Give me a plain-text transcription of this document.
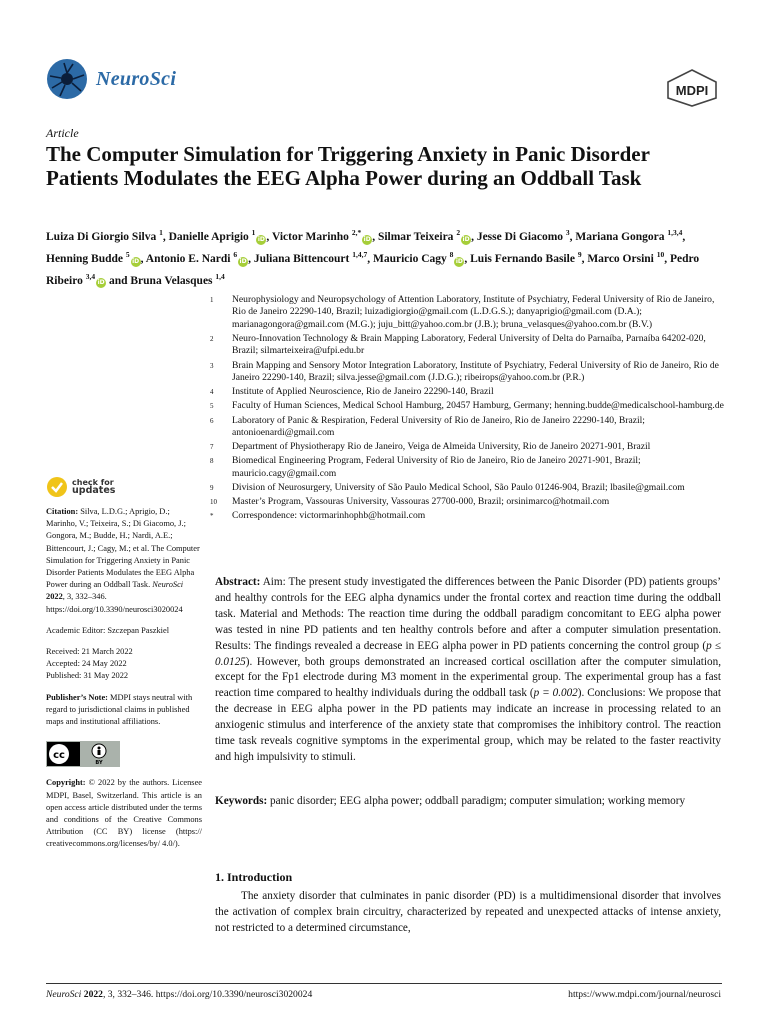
NeuroSci
MDPI
Article
The Computer Simulation for Triggering Anxiety in Panic Disorder Patients Modulates the EEG Alpha Power during an Oddball Task
Luiza Di Giorgio Silva $^1$, Danielle Aprigio $^1$iD, Victor Marinho $^{2,*}$iD, Silmar Teixeira $^2$iD, Jesse Di Giacomo $^3$, Mariana Gongora $^{1,3,4}$, Henning Budde $^5$iD, Antonio E. Nardi $^6$iD, Juliana Bittencourt $^{1,4,7}$, Mauricio Cagy $^8$iD, Luis Fernando Basile $^9$, Marco Orsini $^{10}$, Pedro Ribeiro $^{3,4}$iD and Bruna Velasques $^{1,4}$
1	Neurophysiology and Neuropsychology of Attention Laboratory, Institute of Psychiatry, Federal University of Rio de Janeiro, Rio de Janeiro 22290-140, Brazil; luizadigiorgio@gmail.com (L.D.G.S.); danyaprigio@gmail.com (D.A.); marianagongora@gmail.com (M.G.); juju_bitt@yahoo.com.br (J.B.); bruna_velasques@yahoo.com.br (B.V.)
2	Neuro-Innovation Technology & Brain Mapping Laboratory, Federal University of Delta do Parnaíba, Parnaíba 64202-020, Brazil; silmarteixeira@ufpi.edu.br
3	Brain Mapping and Sensory Motor Integration Laboratory, Institute of Psychiatry, Federal University of Rio de Janeiro, Rio de Janeiro 22290-140, Brazil; silva.jesse@gmail.com (J.D.G.); ribeirops@yahoo.com.br (P.R.)
4	Institute of Applied Neuroscience, Rio de Janeiro 22290-140, Brazil
5	Faculty of Human Sciences, Medical School Hamburg, 20457 Hamburg, Germany; henning.budde@medicalschool-hamburg.de
6	Laboratory of Panic & Respiration, Federal University of Rio de Janeiro, Rio de Janeiro 22290-140, Brazil; antonioenardi@gmail.com
7	Department of Physiotherapy Rio de Janeiro, Veiga de Almeida University, Rio de Janeiro 20271-901, Brazil
8	Biomedical Engineering Program, Federal University of Rio de Janeiro, Rio de Janeiro 20271-901, Brazil; mauricio.cagy@gmail.com
9	Division of Neurosurgery, University of São Paulo Medical School, São Paulo 01246-904, Brazil; lbasile@gmail.com
10	Master’s Program, Vassouras University, Vassouras 27700-000, Brazil; orsinimarco@hotmail.com
*	Correspondence: victormarinhophb@hotmail.com
check for
updates
Citation: Silva, L.D.G.; Aprigio, D.; Marinho, V.; Teixeira, S.; Di Giacomo, J.; Gongora, M.; Budde, H.; Nardi, A.E.; Bittencourt, J.; Cagy, M.; et al. The Computer Simulation for Triggering Anxiety in Panic Disorder Patients Modulates the EEG Alpha Power during an Oddball Task. NeuroSci 2022, 3, 332–346. https://doi.org/10.3390/neurosci3020024
Academic Editor: Szczepan Paszkiel
Received: 21 March 2022
Accepted: 24 May 2022
Published: 31 May 2022
Publisher’s Note: MDPI stays neutral with regard to jurisdictional claims in published maps and institutional affiliations.
cc
BY
Copyright: © 2022 by the authors. Licensee MDPI, Basel, Switzerland. This article is an open access article distributed under the terms and conditions of the Creative Commons Attribution (CC BY) license (https:// creativecommons.org/licenses/by/ 4.0/).
Abstract: Aim: The present study investigated the differences between the Panic Disorder (PD) patients groups’ and healthy controls for the EEG alpha dynamics under the frontal cortex and reaction time during the oddball task. Material and Methods: The reaction time during the oddball paradigm concomitant to EEG alpha power was tested in nine PD patients and ten healthy controls before and after a computer simulation presentation. Results: The findings revealed a decrease in EEG alpha power in PD patients concerning the control group (p ≤ 0.0125). However, both groups demonstrated an increased cortical oscillation after the computer simulation, except for the Fp1 electrode during M3 moment in the experimental group. The experimental group has a fast reaction time compared to healthy individuals during the oddball task (p = 0.002). Conclusions: We propose that the decrease in EEG alpha power in the PD patients may indicate an increase in processing related to an anxiogenic stimulus and interference of the anxiety state that compromises the inhibitory control. The reaction time task reveals cognitive symptoms in the experimental group, which may be related to the faster reactivity and high impulsivity to stimuli.
Keywords: panic disorder; EEG alpha power; oddball paradigm; computer simulation; working memory
1. Introduction
The anxiety disorder that culminates in panic disorder (PD) is a multidimensional disorder that involves the activation of complex brain circuitry, characterized by repeated and unexpected attacks of intense anxiety, not restricted to a determined circumstance,
NeuroSci 2022, 3, 332–346. https://doi.org/10.3390/neurosci3020024	https://www.mdpi.com/journal/neurosci
